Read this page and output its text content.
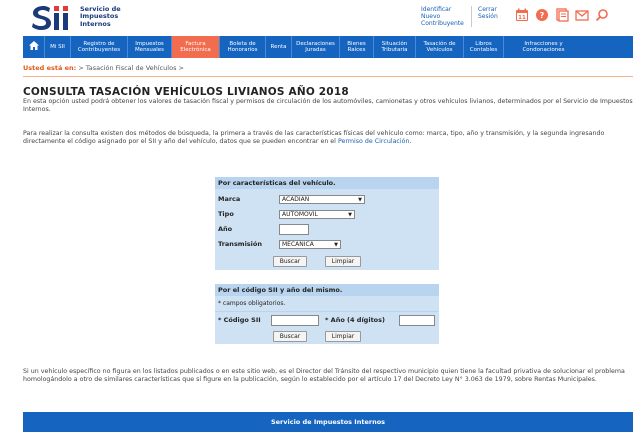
Servicio de
Impuestos
Internos
Identificar Nuevo Contribuyente
Cerrar Sesión	11 ?
Mi SII
Registro de Contribuyentes
Impuestos Mensuales
Factura Electrónica
Boleta de Honorarios
Renta
Declaraciones Juradas
Bienes Raíces
Situación Tributaria
Tasación de Vehículos
Libros Contables
Infracciones y Condonaciones
Usted está en: > Tasación Fiscal de Vehículos >
CONSULTA TASACIÓN VEHÍCULOS LIVIANOS AÑO 2018
En esta opción usted podrá obtener los valores de tasación fiscal y permisos de circulación de los automóviles, camionetas y otros vehículos livianos, determinados por el Servicio de Impuestos Internos.
Para realizar la consulta existen dos métodos de búsqueda, la primera a través de las características físicas del vehículo como: marca, tipo, año y transmisión, y la segunda ingresando directamente el código asignado por el SII y año del vehículo, datos que se pueden encontrar en el Permiso de Circulación.
Por características del vehículo.
Marca	ACADIAN	▼
Tipo	AUTOMOVIL	▼
Año
Transmisión	MECANICA	▼
Buscar	Limpiar
Por el código SII y año del mismo.
* campos obligatorios.
* Código SII	* Año (4 dígitos)
Buscar	Limpiar
Si un vehículo específico no figura en los listados publicados o en este sitio web, es el Director del Tránsito del respectivo municipio quien tiene la facultad privativa de solucionar el problema homologándolo a otro de similares características que sí figure en la publicación, según lo establecido por el artículo 17 del Decreto Ley N° 3.063 de 1979, sobre Rentas Municipales.
Servicio de Impuestos Internos
